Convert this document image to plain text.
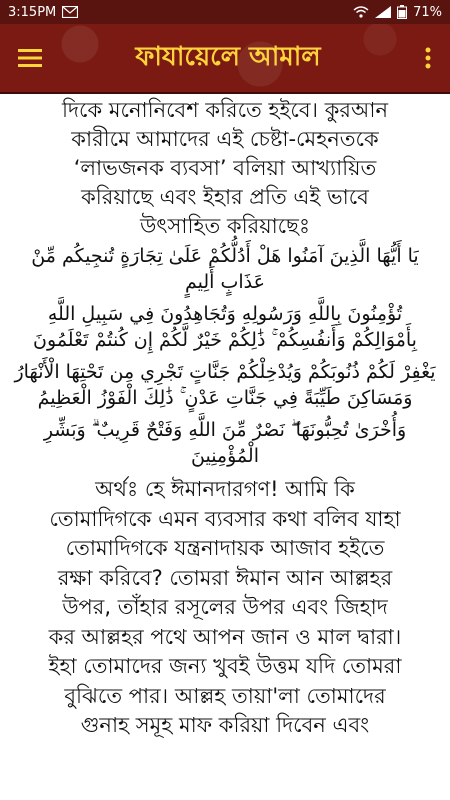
3:15PM	71%
ফাযায়েলে আমাল

দিকে মনোনিবেশ করিতে হইবে। কুরআন

কারীমে আমাদের এই চেষ্টা-মেহনতকে

‘লাভজনক ব্যবসা’ বলিয়া আখ্যায়িত

করিয়াছে এবং ইহার প্রতি এই ভাবে

উৎসাহিত করিয়াছেঃ

يَا أَيُّهَا الَّذِينَ آمَنُوا هَلْ أَدُلُّكُمْ عَلَىٰ تِجَارَةٍ تُنجِيكُم مِّنْ عَذَابٍ أَلِيمٍ

تُؤْمِنُونَ بِاللَّهِ وَرَسُولِهِ وَتُجَاهِدُونَ فِي سَبِيلِ اللَّهِ بِأَمْوَالِكُمْ وَأَنفُسِكُمْ ۚ ذَٰلِكُمْ خَيْرٌ لَّكُمْ إِن كُنتُمْ تَعْلَمُونَ

يَغْفِرْ لَكُمْ ذُنُوبَكُمْ وَيُدْخِلْكُمْ جَنَّاتٍ تَجْرِي مِن تَحْتِهَا الْأَنْهَارُ وَمَسَاكِنَ طَيِّبَةً فِي جَنَّاتِ عَدْنٍ ۚ ذَٰلِكَ الْفَوْزُ الْعَظِيمُ

وَأُخْرَىٰ تُحِبُّونَهَا ۖ نَصْرٌ مِّنَ اللَّهِ وَفَتْحٌ قَرِيبٌ ۗ وَبَشِّرِ الْمُؤْمِنِينَ

অর্থঃ হে ঈমানদারগণ! আমি কি

তোমাদিগকে এমন ব্যবসার কথা বলিব যাহা

তোমাদিগকে যন্ত্রনাদায়ক আজাব হইতে

রক্ষা করিবে? তোমরা ঈমান আন আল্লহর

উপর, তাঁহার রসূলের উপর এবং জিহাদ

কর আল্লহর পথে আপন জান ও মাল দ্বারা।

ইহা তোমাদের জন্য খুবই উত্তম যদি তোমরা

বুঝিতে পার। আল্লহ তায়া'লা তোমাদের

গুনাহ সমূহ মাফ করিয়া দিবেন এবং
